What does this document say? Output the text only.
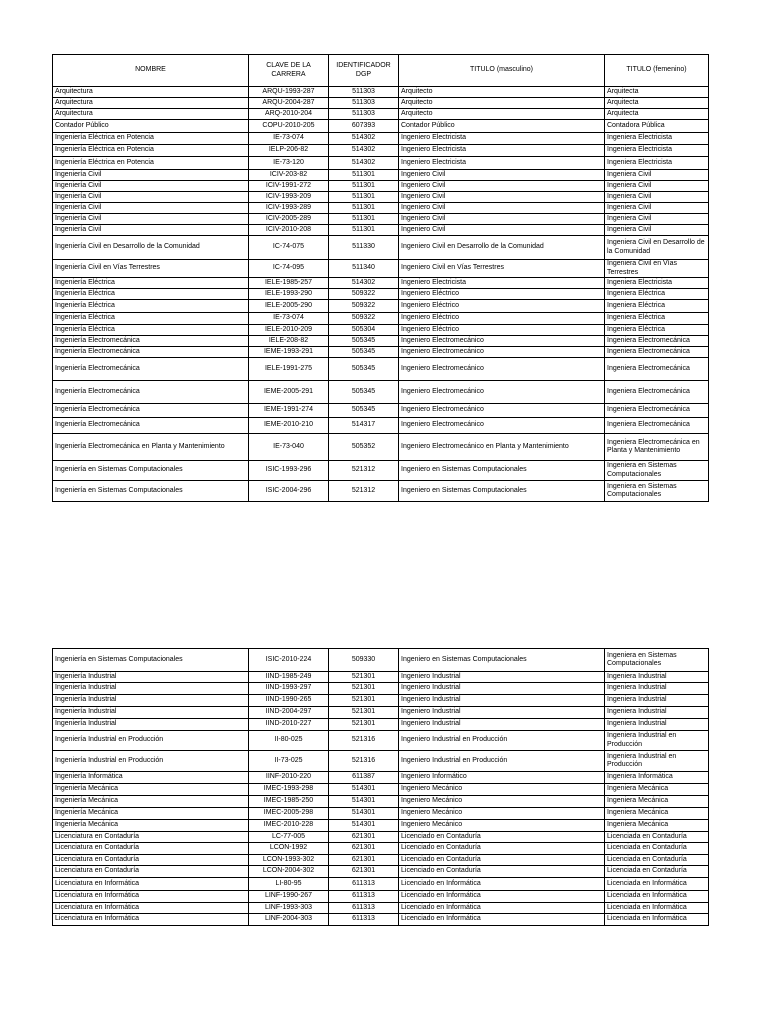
NOMBRE	CLAVE DE LA CARRERA	IDENTIFICADOR DGP	TITULO (masculino)	TITULO (femenino)
Arquitectura	ARQU-1993-287	511303	Arquitecto	Arquitecta
Arquitectura	ARQU-2004-287	511303	Arquitecto	Arquitecta
Arquitectura	ARQ-2010-204	511303	Arquitecto	Arquitecta
Contador Público	COPU-2010-205	607393	Contador Público	Contadora Pública
Ingeniería Eléctrica en Potencia	IE-73-074	514302	Ingeniero Electricista	Ingeniera Electricista
Ingeniería Eléctrica en Potencia	IELP-206-82	514302	Ingeniero Electricista	Ingeniera Electricista
Ingeniería Eléctrica en Potencia	IE-73-120	514302	Ingeniero Electricista	Ingeniera Electricista
Ingeniería Civil	ICIV-203-82	511301	Ingeniero Civil	Ingeniera Civil
Ingeniería Civil	ICIV-1991-272	511301	Ingeniero Civil	Ingeniera Civil
Ingeniería Civil	ICIV-1993-209	511301	Ingeniero Civil	Ingeniera Civil
Ingeniería Civil	ICIV-1993-289	511301	Ingeniero Civil	Ingeniera Civil
Ingeniería Civil	ICIV-2005-289	511301	Ingeniero Civil	Ingeniera Civil
Ingeniería Civil	ICIV-2010-208	511301	Ingeniero Civil	Ingeniera Civil
Ingeniería Civil en Desarrollo de la Comunidad	IC-74-075	511330	Ingeniero Civil en Desarrollo de la Comunidad	Ingeniera Civil en Desarrollo de la Comunidad
Ingeniería Civil en Vías Terrestres	IC-74-095	511340	Ingeniero Civil en Vías Terrestres	Ingeniera Civil en Vías Terrestres
Ingeniería Eléctrica	IELE-1985-257	514302	Ingeniero Electricista	Ingeniera Electricista
Ingeniería Eléctrica	IELE-1993-290	509322	Ingeniero Eléctrico	Ingeniera Eléctrica
Ingeniería Eléctrica	IELE-2005-290	509322	Ingeniero Eléctrico	Ingeniera Eléctrica
Ingeniería Eléctrica	IE-73-074	509322	Ingeniero Eléctrico	Ingeniera Eléctrica
Ingeniería Eléctrica	IELE-2010-209	505304	Ingeniero Eléctrico	Ingeniera Eléctrica
Ingeniería Electromecánica	IELE-208-82	505345	Ingeniero Electromecánico	Ingeniera Electromecánica
Ingeniería Electromecánica	IEME-1993-291	505345	Ingeniero Electromecánico	Ingeniera Electromecánica
Ingeniería Electromecánica	IELE-1991-275	505345	Ingeniero Electromecánico	Ingeniera Electromecánica
Ingeniería Electromecánica	IEME-2005-291	505345	Ingeniero Electromecánico	Ingeniera Electromecánica
Ingeniería Electromecánica	IEME-1991-274	505345	Ingeniero Electromecánico	Ingeniera Electromecánica
Ingeniería Electromecánica	IEME-2010-210	514317	Ingeniero Electromecánico	Ingeniera Electromecánica
Ingeniería Electromecánica en Planta y Mantenimiento	IE-73-040	505352	Ingeniero Electromecánico en Planta y Mantenimiento	Ingeniera Electromecánica en Planta y Mantenimiento
Ingeniería en Sistemas Computacionales	ISIC-1993-296	521312	Ingeniero en Sistemas Computacionales	Ingeniera en Sistemas Computacionales
Ingeniería en Sistemas Computacionales	ISIC-2004-296	521312	Ingeniero en Sistemas Computacionales	Ingeniera en Sistemas Computacionales
Ingeniería en Sistemas Computacionales	ISIC-2010-224	509330	Ingeniero en Sistemas Computacionales	Ingeniera en Sistemas Computacionales
Ingeniería Industrial	IIND-1985-249	521301	Ingeniero Industrial	Ingeniera Industrial
Ingeniería Industrial	IIND-1993-297	521301	Ingeniero Industrial	Ingeniera Industrial
Ingeniería Industrial	IIND-1990-265	521301	Ingeniero Industrial	Ingeniera Industrial
Ingeniería Industrial	IIND-2004-297	521301	Ingeniero Industrial	Ingeniera Industrial
Ingeniería Industrial	IIND-2010-227	521301	Ingeniero Industrial	Ingeniera Industrial
Ingeniería Industrial en Producción	II-80-025	521316	Ingeniero Industrial en Producción	Ingeniera Industrial en Producción
Ingeniería Industrial en Producción	II-73-025	521316	Ingeniero Industrial en Producción	Ingeniera Industrial en Producción
Ingeniería Informática	IINF-2010-220	611387	Ingeniero Informático	Ingeniera Informática
Ingeniería Mecánica	IMEC-1993-298	514301	Ingeniero Mecánico	Ingeniera Mecánica
Ingeniería Mecánica	IMEC-1985-250	514301	Ingeniero Mecánico	Ingeniera Mecánica
Ingeniería Mecánica	IMEC-2005-298	514301	Ingeniero Mecánico	Ingeniera Mecánica
Ingeniería Mecánica	IMEC-2010-228	514301	Ingeniero Mecánico	Ingeniera Mecánica
Licenciatura en Contaduría	LC-77-005	621301	Licenciado en Contaduría	Licenciada en Contaduría
Licenciatura en Contaduría	LCON-1992	621301	Licenciado en Contaduría	Licenciada en Contaduría
Licenciatura en Contaduría	LCON-1993-302	621301	Licenciado en Contaduría	Licenciada en Contaduría
Licenciatura en Contaduría	LCON-2004-302	621301	Licenciado en Contaduría	Licenciada en Contaduría
Licenciatura en Informática	LI-80-95	611313	Licenciado en Informática	Licenciada en Informática
Licenciatura en Informática	LINF-1990-267	611313	Licenciado en Informática	Licenciada en Informática
Licenciatura en Informática	LINF-1993-303	611313	Licenciado en Informática	Licenciada en Informática
Licenciatura en Informática	LINF-2004-303	611313	Licenciado en Informática	Licenciada en Informática
